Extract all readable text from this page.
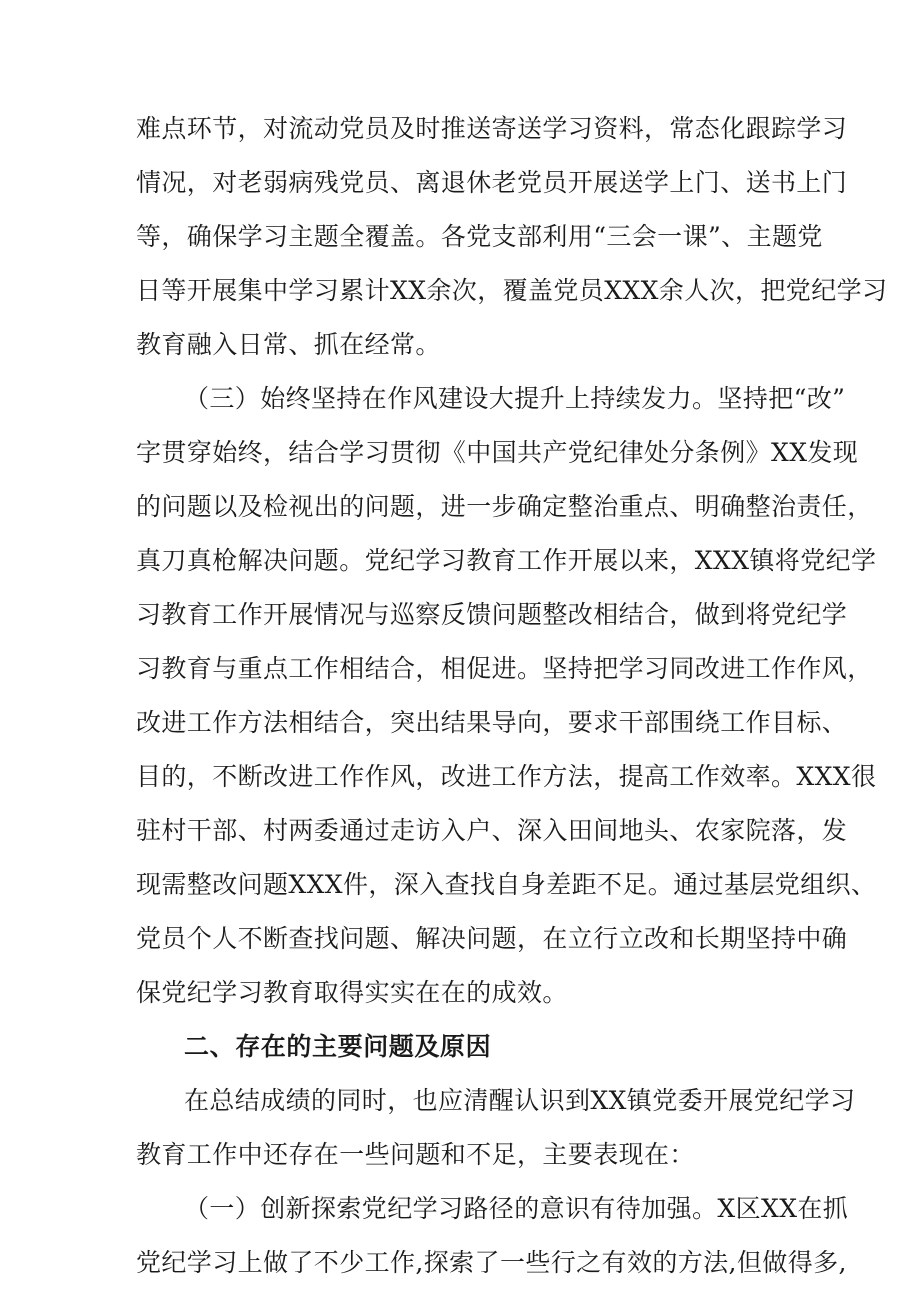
难点环节，对流动党员及时推送寄送学习资料，常态化跟踪学习
情况，对老弱病残党员、离退休老党员开展送学上门、送书上门
等，确保学习主题全覆盖。各党支部利用“三会一课”、主题党
日等开展集中学习累计XX余次，覆盖党员XXX余人次，把党纪学习
教育融入日常、抓在经常。
（三）始终坚持在作风建设大提升上持续发力。坚持把“改”
字贯穿始终，结合学习贯彻《中国共产党纪律处分条例》XX发现
的问题以及检视出的问题，进一步确定整治重点、明确整治责任，
真刀真枪解决问题。党纪学习教育工作开展以来，XXX镇将党纪学
习教育工作开展情况与巡察反馈问题整改相结合，做到将党纪学
习教育与重点工作相结合，相促进。坚持把学习同改进工作作风，
改进工作方法相结合，突出结果导向，要求干部围绕工作目标、
目的，不断改进工作作风，改进工作方法，提高工作效率。XXX很
驻村干部、村两委通过走访入户、深入田间地头、农家院落，发
现需整改问题XXX件，深入查找自身差距不足。通过基层党组织、
党员个人不断查找问题、解决问题，在立行立改和长期坚持中确
保党纪学习教育取得实实在在的成效。
二、存在的主要问题及原因
在总结成绩的同时，也应清醒认识到XX镇党委开展党纪学习
教育工作中还存在一些问题和不足，主要表现在：
（一）创新探索党纪学习路径的意识有待加强。X区XX在抓
党纪学习上做了不少工作,探索了一些行之有效的方法,但做得多,
